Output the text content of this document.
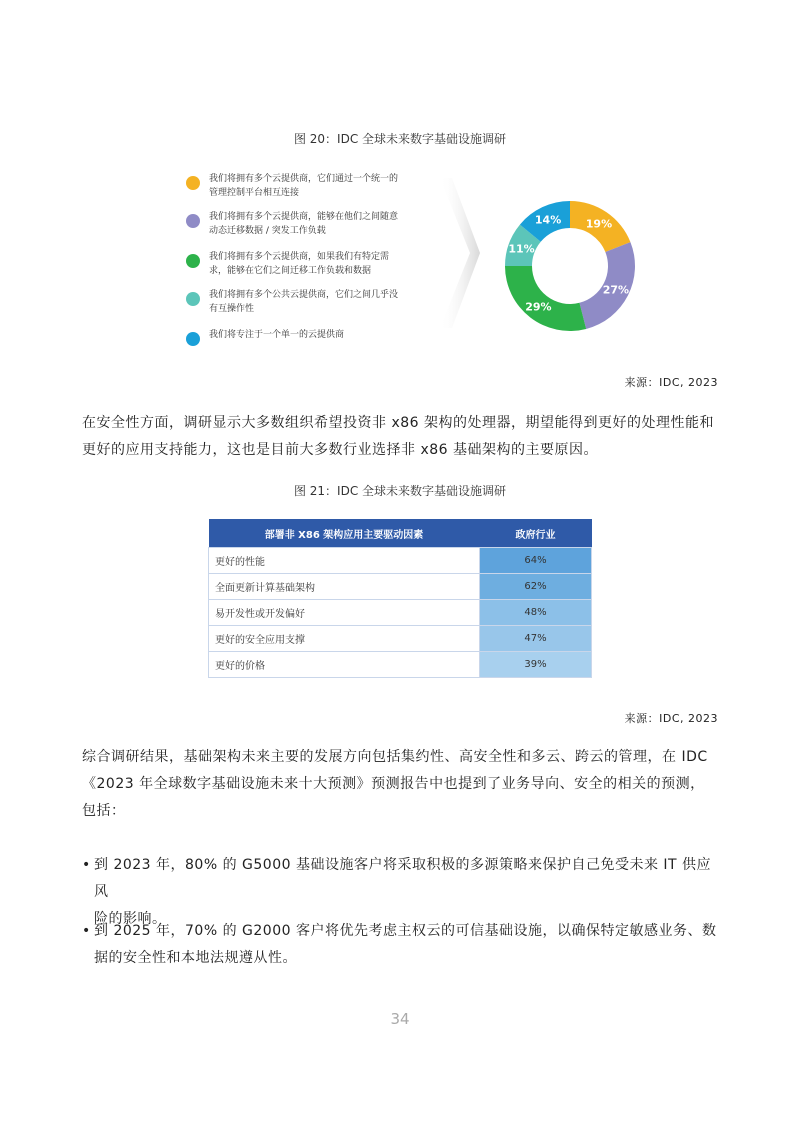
图 20：IDC 全球未来数字基础设施调研
我们将拥有多个云提供商，它们通过一个统一的管理控制平台相互连接
我们将拥有多个云提供商，能够在他们之间随意动态迁移数据 / 突发工作负载
我们将拥有多个云提供商，如果我们有特定需求，能够在它们之间迁移工作负载和数据
我们将拥有多个公共云提供商，它们之间几乎没有互操作性
我们将专注于一个单一的云提供商
19%
27%
29%
11%
14%
来源：IDC, 2023

在安全性方面，调研显示大多数组织希望投资非 x86 架构的处理器，期望能得到更好的处理性能和更好的应用支持能力，这也是目前大多数行业选择非 x86 基础架构的主要原因。

图 21：IDC 全球未来数字基础设施调研
部署非 X86 架构应用主要驱动因素	政府行业
更好的性能	64%
全面更新计算基础架构	62%
易开发性或开发偏好	48%
更好的安全应用支撑	47%
更好的价格	39%
来源：IDC, 2023
综合调研结果，基础架构未来主要的发展方向包括集约性、高安全性和多云、跨云的管理，在 IDC
《2023 年全球数字基础设施未来十大预测》预测报告中也提到了业务导向、安全的相关的预测，
包括：
• 到 2023 年，80% 的 G5000 基础设施客户将采取积极的多源策略来保护自己免受未来 IT 供应风
险的影响。
• 到 2025 年，70% 的 G2000 客户将优先考虑主权云的可信基础设施，以确保特定敏感业务、数
据的安全性和本地法规遵从性。
34
